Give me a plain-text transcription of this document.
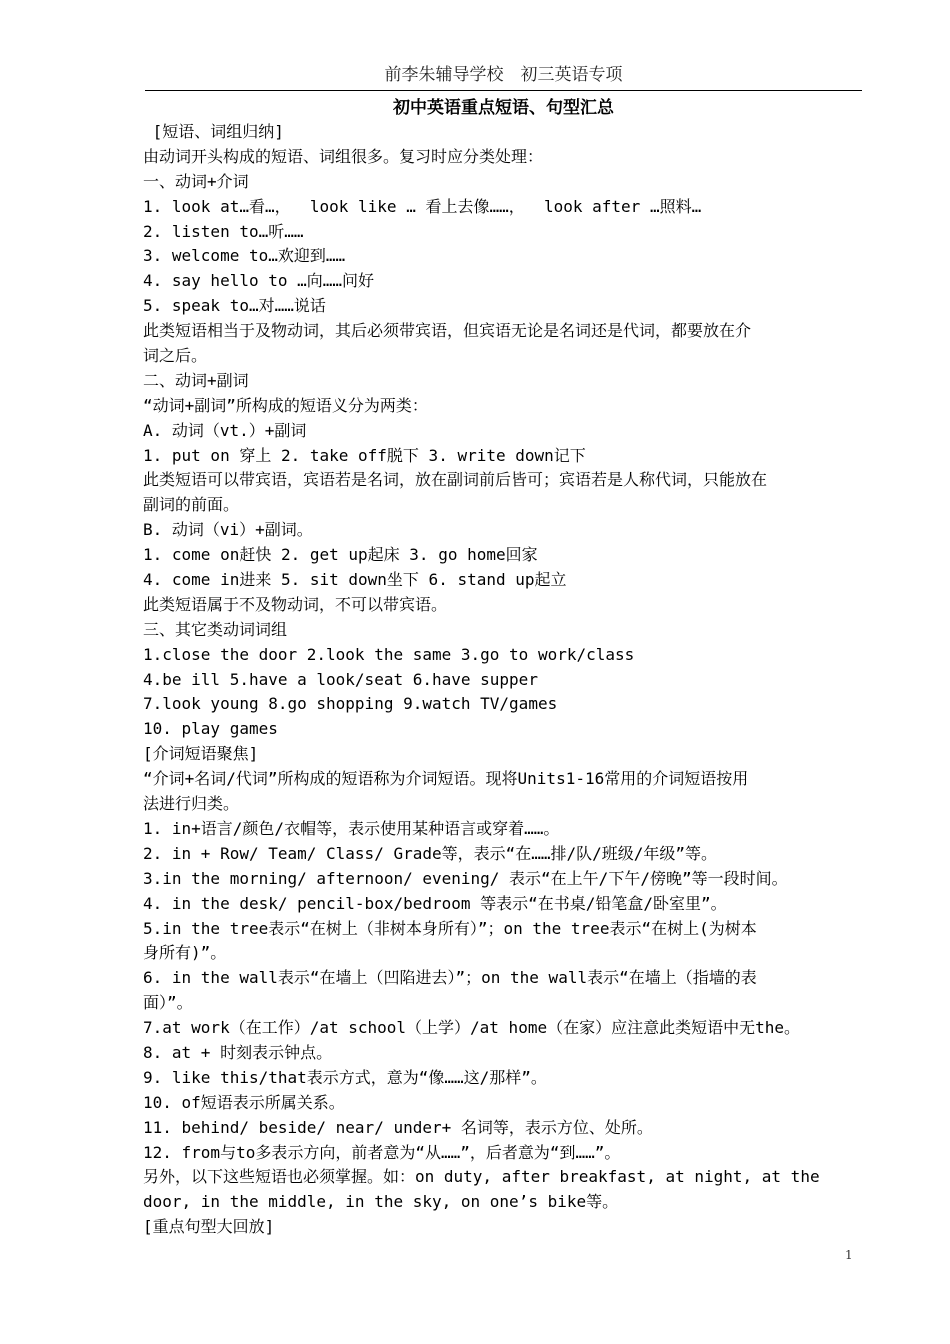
前李朱辅导学校　初三英语专项
初中英语重点短语、句型汇总
[短语、词组归纳]
由动词开头构成的短语、词组很多。复习时应分类处理：
一、动词+介词
1. look at…看…，  look like … 看上去像……，  look after …照料…
2. listen to…听……
3. welcome to…欢迎到……
4. say hello to …向……问好
5. speak to…对……说话
此类短语相当于及物动词，其后必须带宾语，但宾语无论是名词还是代词，都要放在介
词之后。
二、动词+副词
“动词+副词”所构成的短语义分为两类：
A. 动词（vt.）+副词
1. put on 穿上 2. take off脱下 3. write down记下
此类短语可以带宾语，宾语若是名词，放在副词前后皆可；宾语若是人称代词，只能放在
副词的前面。
B. 动词（vi）+副词。
1. come on赶快 2. get up起床 3. go home回家
4. come in进来 5. sit down坐下 6. stand up起立
此类短语属于不及物动词，不可以带宾语。
三、其它类动词词组
1.close the door 2.look the same 3.go to work/class
4.be ill 5.have a look/seat 6.have supper
7.look young 8.go shopping 9.watch TV/games
10. play games
[介词短语聚焦]
“介词+名词/代词”所构成的短语称为介词短语。现将Units1-16常用的介词短语按用
法进行归类。
1. in+语言/颜色/衣帽等，表示使用某种语言或穿着……。
2. in + Row/ Team/ Class/ Grade等，表示“在……排/队/班级/年级”等。
3.in the morning/ afternoon/ evening/ 表示“在上午/下午/傍晚”等一段时间。
4. in the desk/ pencil-box/bedroom 等表示“在书桌/铅笔盒/卧室里”。
5.in the tree表示“在树上（非树本身所有）”；on the tree表示“在树上(为树本
身所有)”。
6. in the wall表示“在墙上（凹陷进去）”；on the wall表示“在墙上（指墙的表
面）”。
7.at work（在工作）/at school（上学）/at home（在家）应注意此类短语中无the。
8. at + 时刻表示钟点。
9. like this/that表示方式，意为“像……这/那样”。
10. of短语表示所属关系。
11. behind/ beside/ near/ under+ 名词等，表示方位、处所。
12. from与to多表示方向，前者意为“从……”，后者意为“到……”。
另外，以下这些短语也必须掌握。如：on duty, after breakfast, at night, at the
door, in the middle, in the sky, on one’s bike等。
[重点句型大回放]
1
